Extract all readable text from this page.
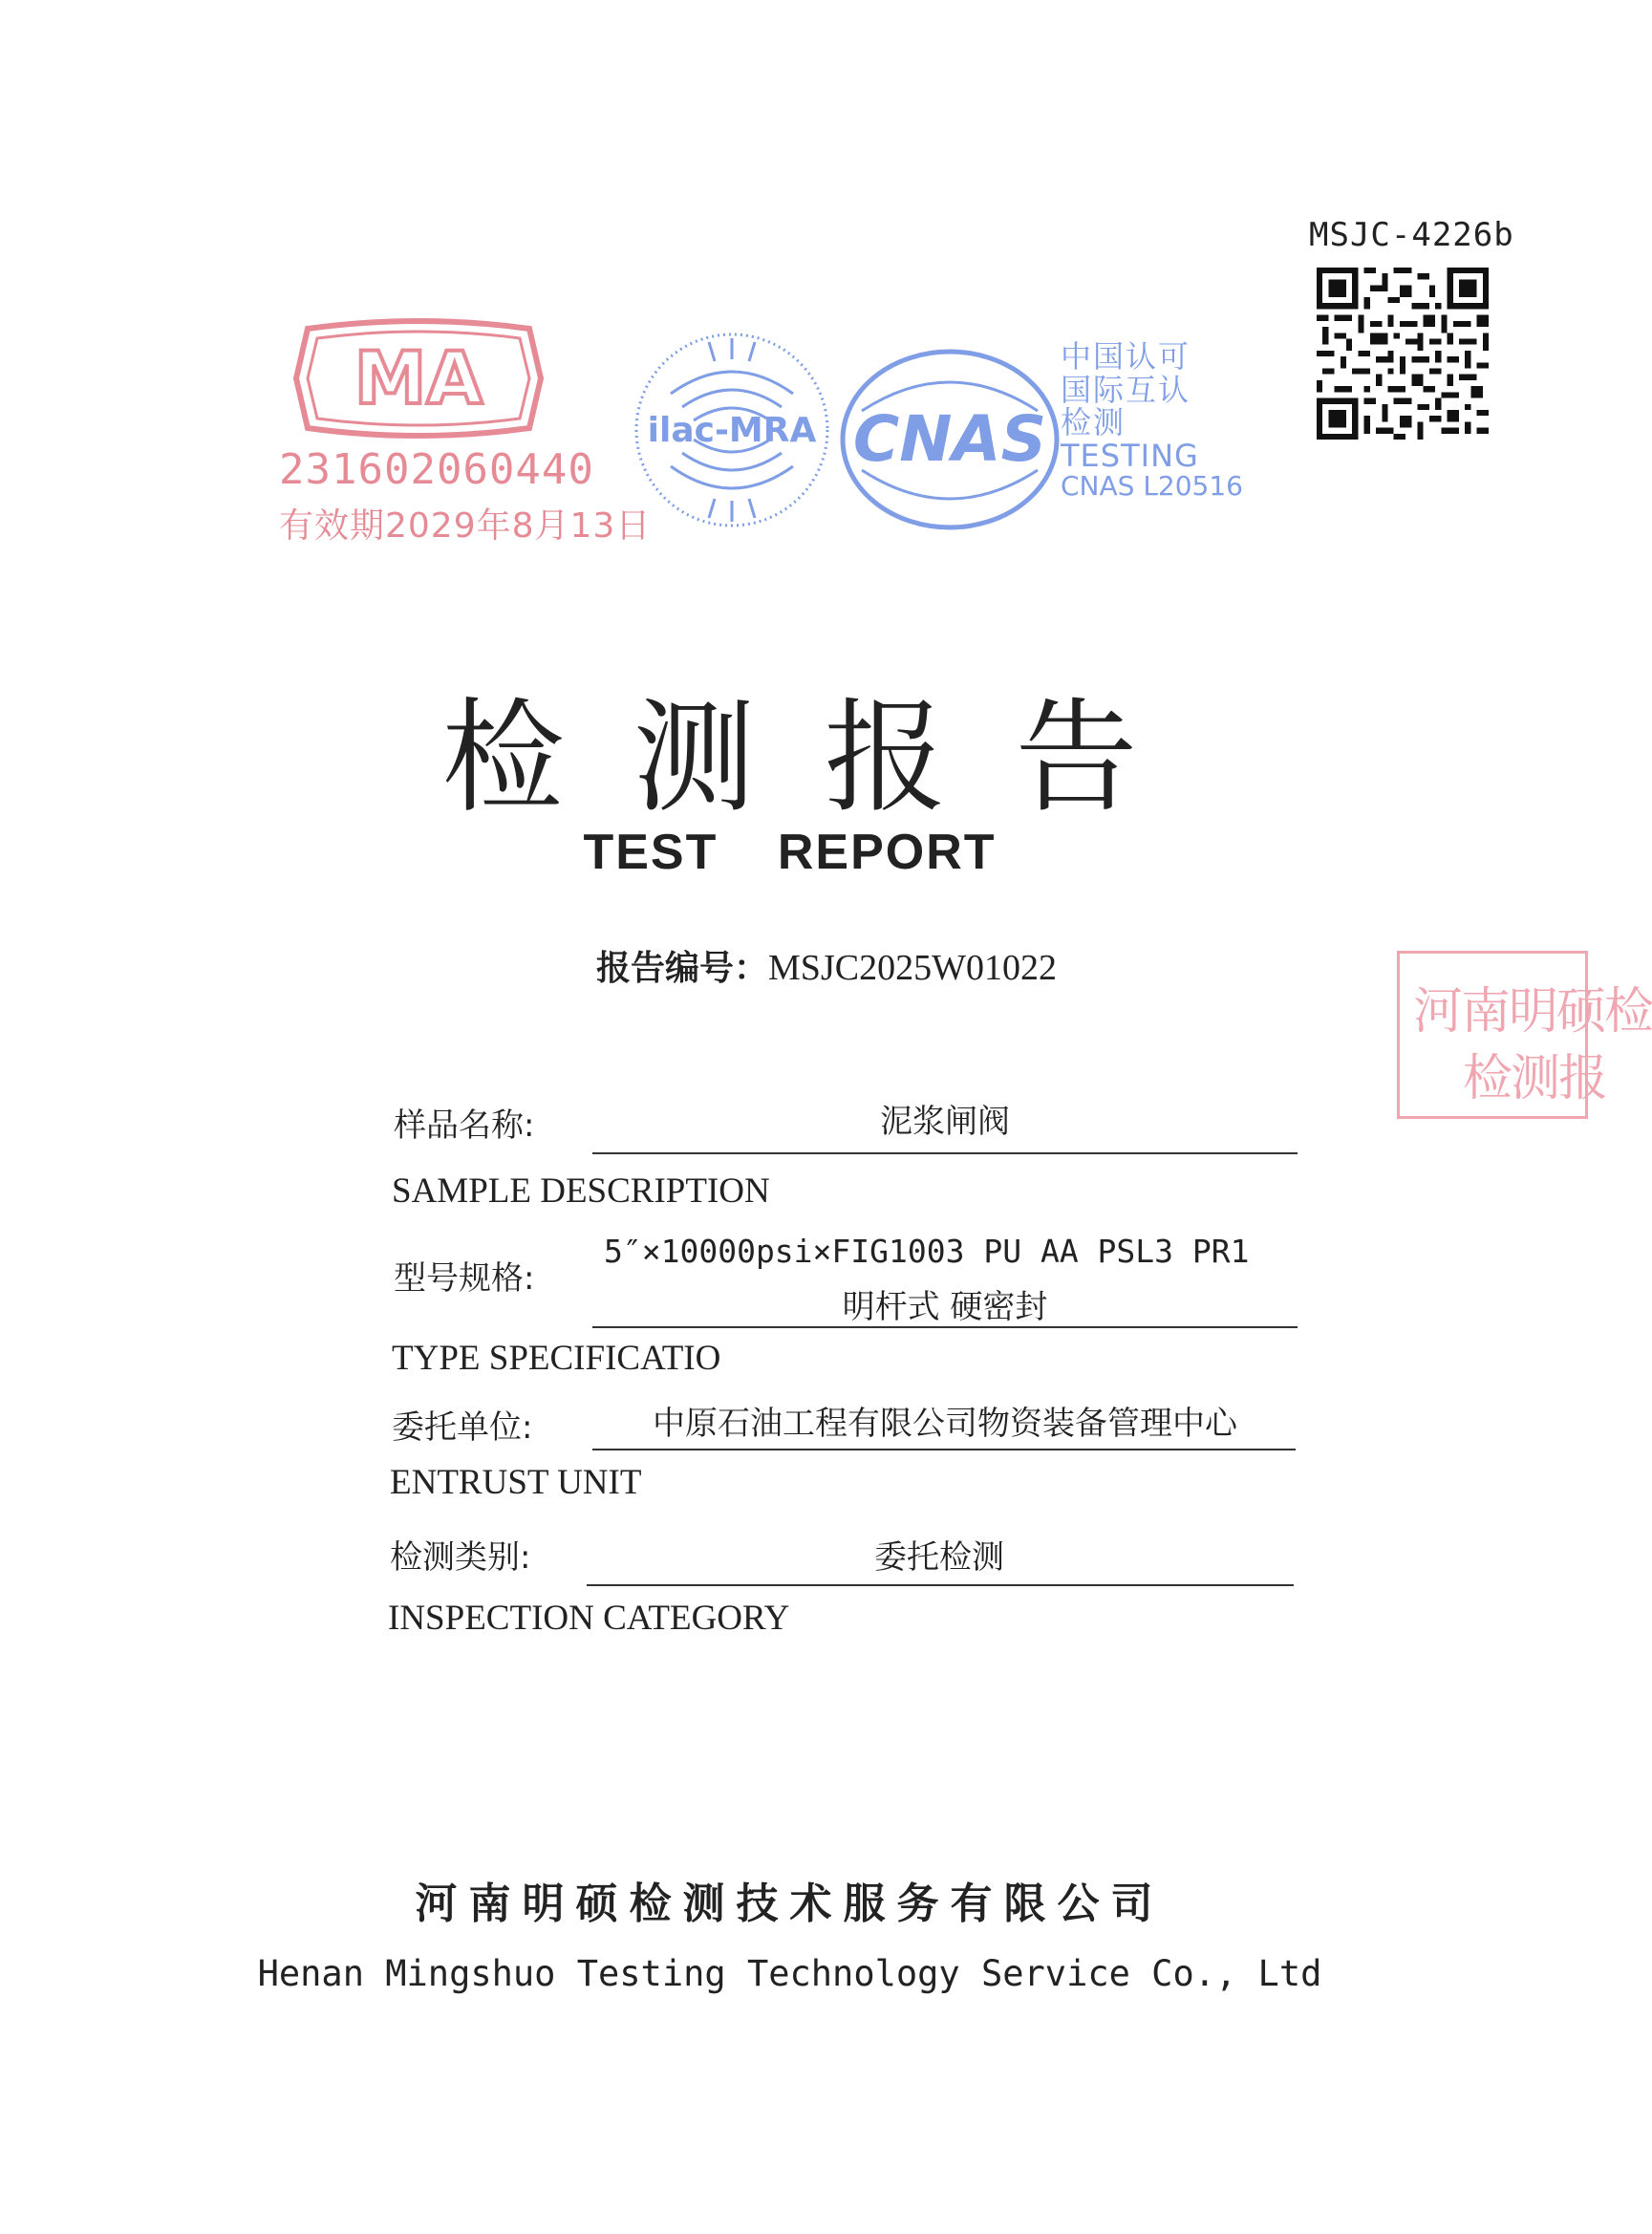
MSJC-4226b
MA
231602060440
有效期2029年8月13日
ilac-MRA CNAS
中国认可
国际互认
检测
TESTING
CNAS L20516
检测报告
TEST REPORT
报告编号：MSJC2025W01022
河南明硕检
检测报
样品名称:	泥浆闸阀
SAMPLE DESCRIPTION
型号规格:
5″×10000psi×FIG1003 PU AA PSL3 PR1
明杆式 硬密封
TYPE SPECIFICATIO
委托单位:	中原石油工程有限公司物资装备管理中心
ENTRUST UNIT
检测类别:	委托检测
INSPECTION CATEGORY
河南明硕检测技术服务有限公司
Henan Mingshuo Testing Technology Service Co., Ltd
